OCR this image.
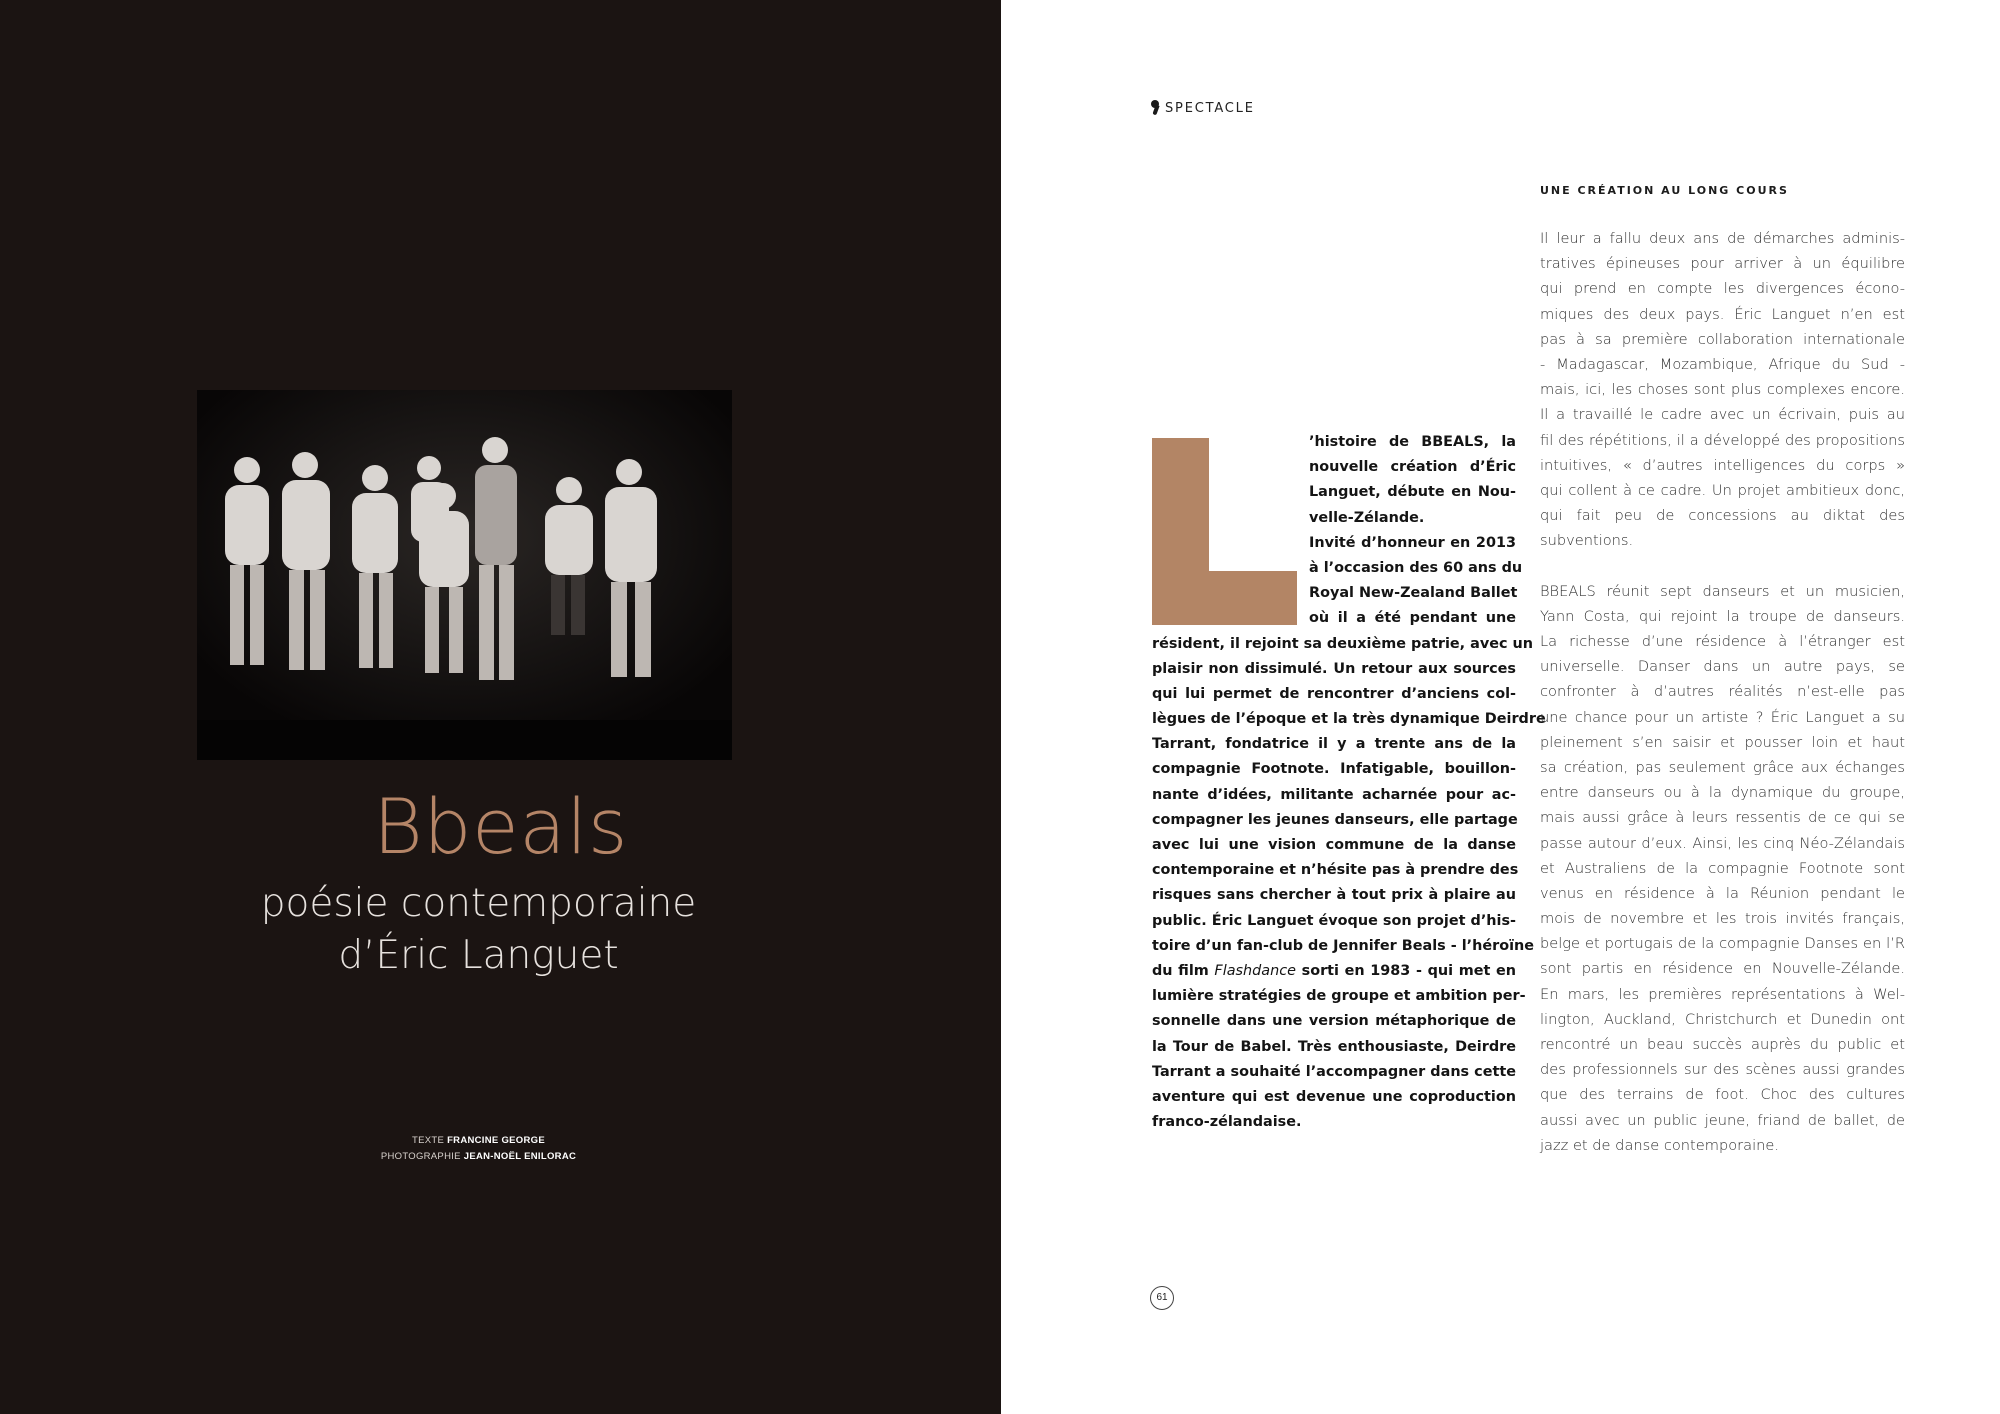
Bbeals
poésie contemporaine
d’Éric Languet
TEXTE FRANCINE GEORGE
PHOTOGRAPHIE JEAN-NOËL ENILORAC
SPECTACLE
UNE CRÉATION AU LONG COURS
’histoire de BBEALS, la
nouvelle création d’Éric
Languet, débute en Nou-
velle-Zélande.
Invité d’honneur en 2013
à l’occasion des 60 ans du
Royal New-Zealand Ballet
où il a été pendant une
résident, il rejoint sa deuxième patrie, avec un
plaisir non dissimulé. Un retour aux sources
qui lui permet de rencontrer d’anciens col-
lègues de l’époque et la très dynamique Deirdre
Tarrant, fondatrice il y a trente ans de la
compagnie Footnote. Infatigable, bouillon-
nante d’idées, militante acharnée pour ac-
compagner les jeunes danseurs, elle partage
avec lui une vision commune de la danse
contemporaine et n’hésite pas à prendre des
risques sans chercher à tout prix à plaire au
public. Éric Languet évoque son projet d’his-
toire d’un fan-club de Jennifer Beals - l’héroïne
du film Flashdance sorti en 1983 - qui met en
lumière stratégies de groupe et ambition per-
sonnelle dans une version métaphorique de
la Tour de Babel. Très enthousiaste, Deirdre
Tarrant a souhaité l’accompagner dans cette
aventure qui est devenue une coproduction
franco-zélandaise.
Il leur a fallu deux ans de démarches adminis-
tratives épineuses pour arriver à un équilibre
qui prend en compte les divergences écono-
miques des deux pays. Éric Languet n’en est
pas à sa première collaboration internationale
- Madagascar, Mozambique, Afrique du Sud -
mais, ici, les choses sont plus complexes encore.
Il a travaillé le cadre avec un écrivain, puis au
fil des répétitions, il a développé des propositions
intuitives, « d’autres intelligences du corps »
qui collent à ce cadre. Un projet ambitieux donc,
qui fait peu de concessions au diktat des
subventions.
BBEALS réunit sept danseurs et un musicien,
Yann Costa, qui rejoint la troupe de danseurs.
La richesse d’une résidence à l’étranger est
universelle. Danser dans un autre pays, se
confronter à d’autres réalités n’est-elle pas
une chance pour un artiste ? Éric Languet a su
pleinement s’en saisir et pousser loin et haut
sa création, pas seulement grâce aux échanges
entre danseurs ou à la dynamique du groupe,
mais aussi grâce à leurs ressentis de ce qui se
passe autour d’eux. Ainsi, les cinq Néo-Zélandais
et Australiens de la compagnie Footnote sont
venus en résidence à la Réunion pendant le
mois de novembre et les trois invités français,
belge et portugais de la compagnie Danses en l’R
sont partis en résidence en Nouvelle-Zélande.
En mars, les premières représentations à Wel-
lington, Auckland, Christchurch et Dunedin ont
rencontré un beau succès auprès du public et
des professionnels sur des scènes aussi grandes
que des terrains de foot. Choc des cultures
aussi avec un public jeune, friand de ballet, de
jazz et de danse contemporaine.
61
